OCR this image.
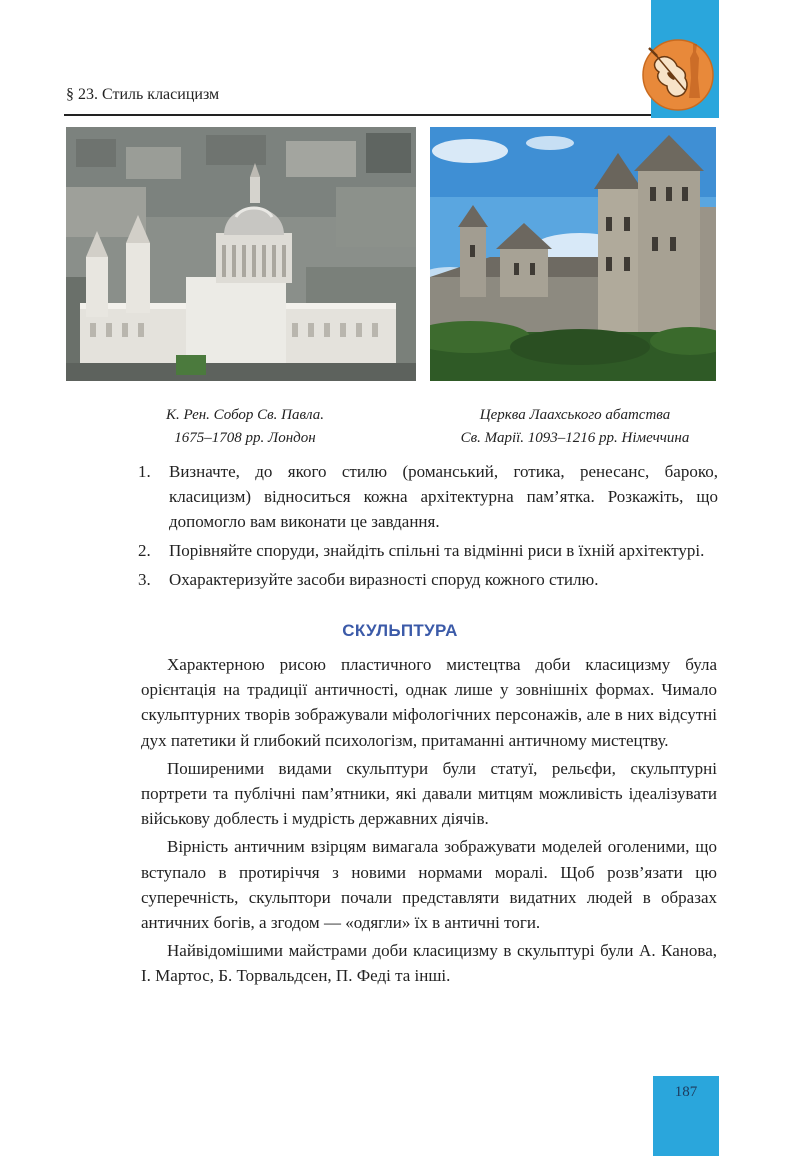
§ 23. Стиль класицизм
К. Рен. Собор Св. Павла.
1675–1708 рр. Лондон
Церква Лаахського абатства
Св. Марії. 1093–1216 рр. Німеччина
1.	Визначте, до якого стилю (романський, готика, ренесанс, бароко, класицизм) відноситься кожна архітектурна пам’ятка. Розкажіть, що допомогло вам виконати це завдання.
2.	Порівняйте споруди, знайдіть спільні та відмінні риси в їхній архітектурі.
3.	Охарактеризуйте засоби виразності споруд кожного стилю.
СКУЛЬПТУРА

Характерною рисою пластичного мистецтва доби класицизму була орієнтація на традиції античності, однак лише у зовнішніх формах. Чимало скульптурних творів зображували міфологічних персонажів, але в них відсутні дух патетики й глибокий психологізм, притаманні античному мистецтву.

Поширеними видами скульптури були статуї, рельєфи, скульптурні портрети та публічні пам’ятники, які давали митцям можливість ідеалізувати військову доблесть і мудрість державних діячів.

Вірність античним взірцям вимагала зображувати моделей оголеними, що вступало в протиріччя з новими нормами моралі. Щоб розв’язати цю суперечність, скульптори почали представляти видатних людей в образах античних богів, а згодом — «одягли» їх в античні тоги.

Найвідомішими майстрами доби класицизму в скульптурі були А. Канова, І. Мартос, Б. Торвальдсен, П. Феді та інші.

187
